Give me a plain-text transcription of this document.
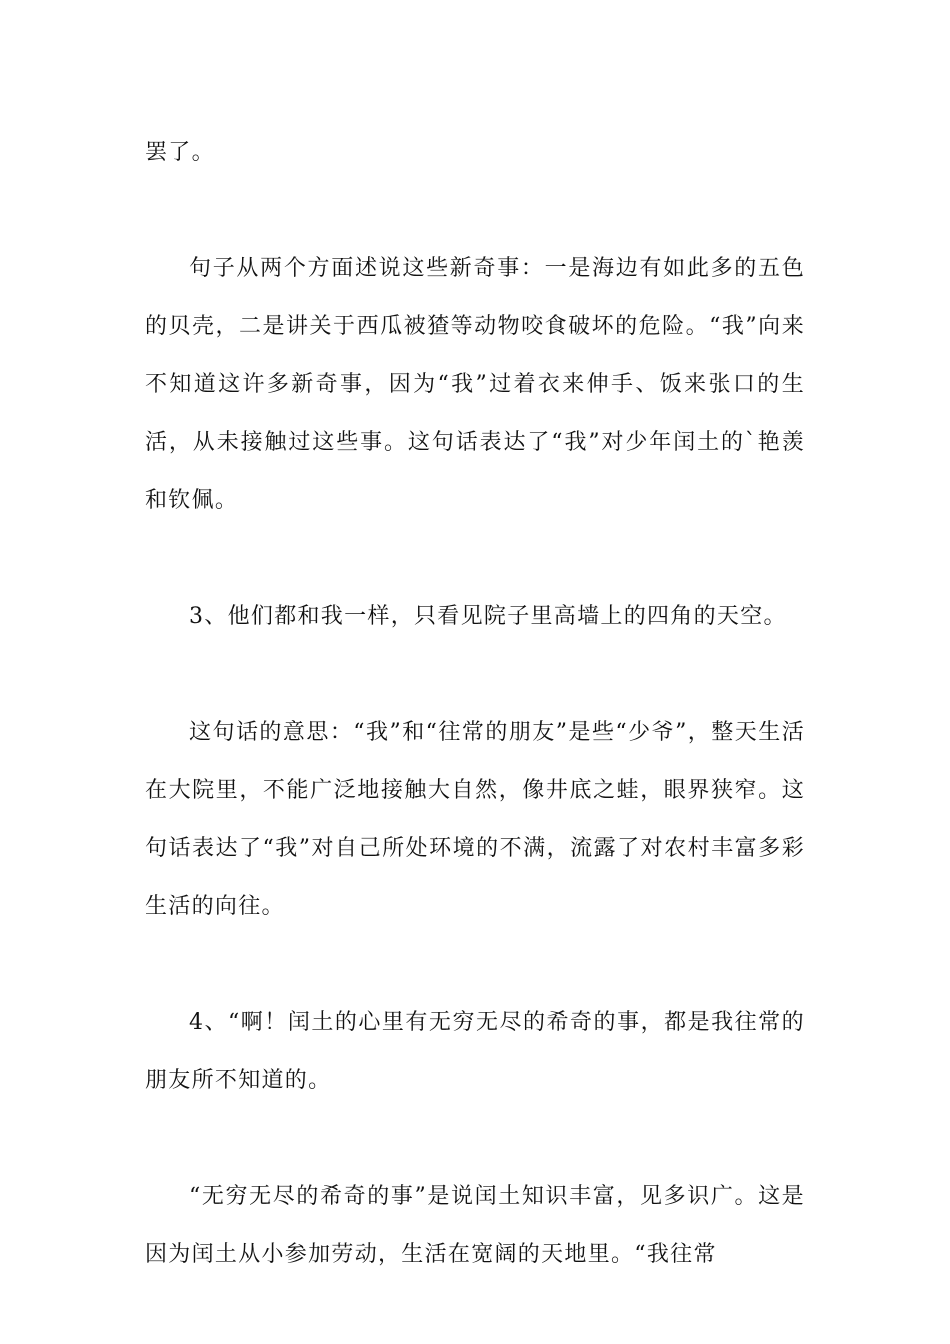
罢了。

句子从两个方面述说这些新奇事：一是海边有如此多的五色的贝壳，二是讲关于西瓜被猹等动物咬食破坏的危险。“我”向来不知道这许多新奇事，因为“我”过着衣来伸手、饭来张口的生活，从未接触过这些事。这句话表达了“我”对少年闰土的`艳羡和钦佩。

3、他们都和我一样，只看见院子里高墙上的四角的天空。

这句话的意思：“我”和“往常的朋友”是些“少爷”，整天生活在大院里，不能广泛地接触大自然，像井底之蛙，眼界狭窄。这句话表达了“我”对自己所处环境的不满，流露了对农村丰富多彩生活的向往。

4、“啊！闰土的心里有无穷无尽的希奇的事，都是我往常的朋友所不知道的。

“无穷无尽的希奇的事”是说闰土知识丰富，见多识广。这是因为闰土从小参加劳动，生活在宽阔的天地里。“我往常
